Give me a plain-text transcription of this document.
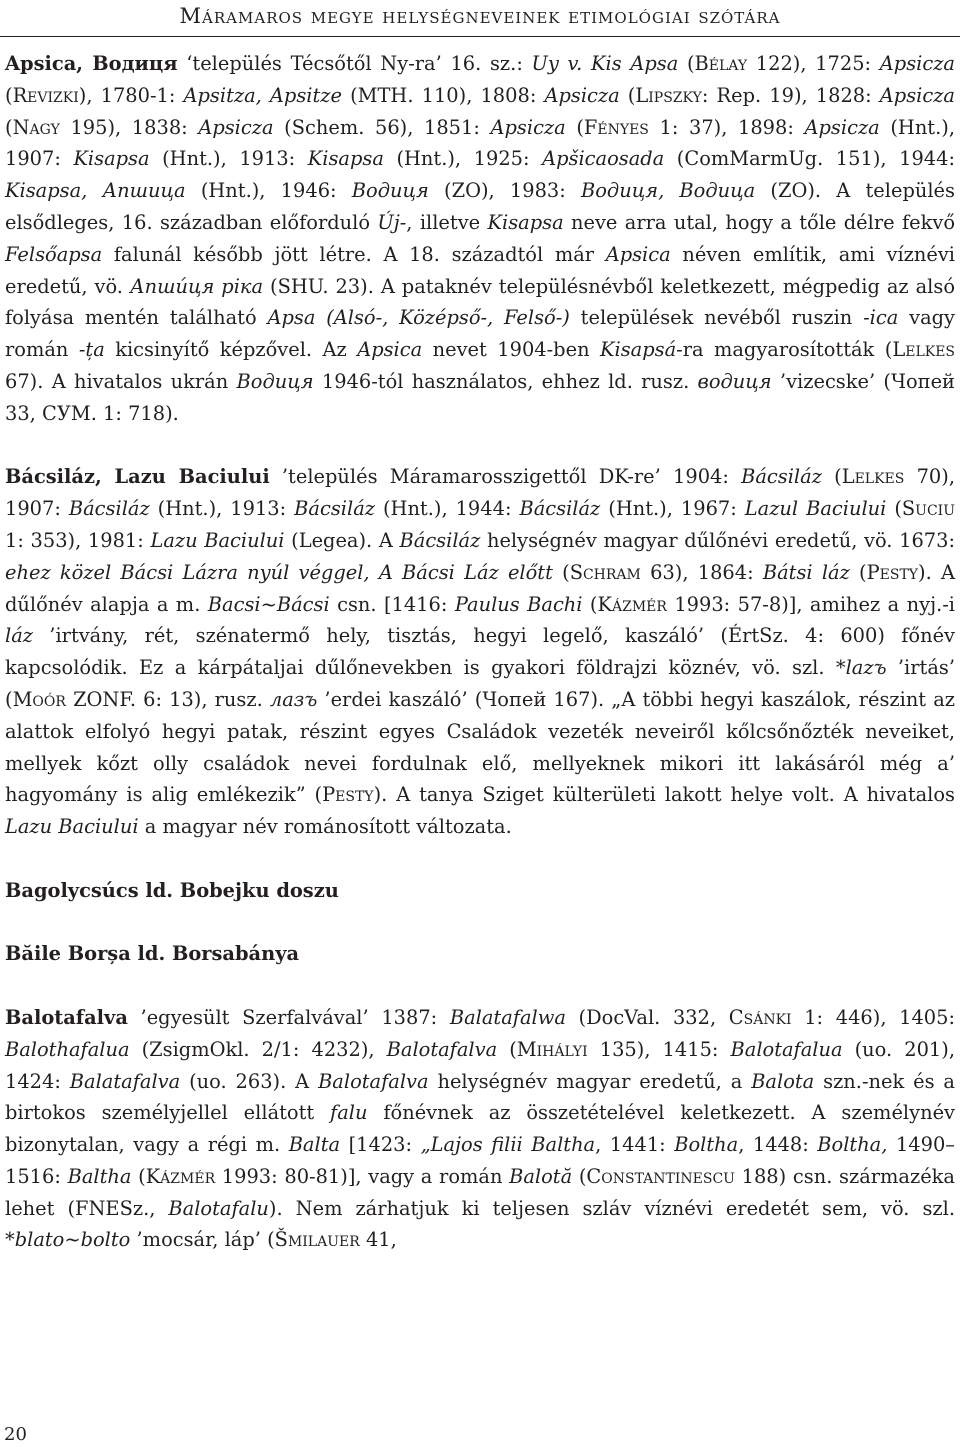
Máramaros megye helységneveinek etimológiai szótára

Apsica, Водиця ‘település Técsőtől Ny-ra’ 16. sz.: Uy v. Kis Apsa (Bélay 122), 1725: Apsicza (Revizki), 1780-1: Apsitza, Apsitze (MTH. 110), 1808: Apsicza (Lipszky: Rep. 19), 1828: Apsicza (Nagy 195), 1838: Apsicza (Schem. 56), 1851: Apsicza (Fényes 1: 37), 1898: Apsicza (Hnt.), 1907: Kisapsa (Hnt.), 1913: Kisapsa (Hnt.), 1925: Apšicaosada (ComMarmUg. 151), 1944: Kisapsa, Апшица (Hnt.), 1946: Водиця (ZO), 1983: Водиця, Водица (ZO). A település elsődleges, 16. században előforduló Új-, illetve Kisapsa neve arra utal, hogy a tőle délre fekvő Felsőapsa falunál később jött létre. A 18. századtól már Apsica néven említik, ami víznévi eredetű, vö. Апшúця ріка (SHU. 23). A pataknév településnévből keletkezett, mégpedig az alsó folyása mentén található Apsa (Alsó-, Középső-, Felső-) települések nevéből ruszin -ica vagy román -ța kicsinyítő képzővel. Az Apsica nevet 1904-ben Kisapsá-ra magyarosították (Lelkes 67). A hivatalos ukrán Водиця 1946-tól használatos, ehhez ld. rusz. водиця ’vizecske’ (Чопей 33, СУМ. 1: 718).

Bácsiláz, Lazu Baciului ’település Máramarosszigettől DK-re’ 1904: Bácsiláz (Lelkes 70), 1907: Bácsiláz (Hnt.), 1913: Bácsiláz (Hnt.), 1944: Bácsiláz (Hnt.), 1967: Lazul Baciului (Suciu 1: 353), 1981: Lazu Baciului (Legea). A Bácsiláz helységnév magyar dűlőnévi eredetű, vö. 1673: ehez közel Bácsi Lázra nyúl véggel, A Bácsi Láz előtt (Schram 63), 1864: Bátsi láz (Pesty). A dűlőnév alapja a m. Bacsi~Bácsi csn. [1416: Paulus Bachi (Kázmér 1993: 57-8)], amihez a nyj.-i láz ’irtvány, rét, szénatermő hely, tisztás, hegyi legelő, kaszáló’ (ÉrtSz. 4: 600) főnév kapcsolódik. Ez a kárpátaljai dűlőnevekben is gyakori földrajzi köznév, vö. szl. *lazъ ’irtás’ (Moór ZONF. 6: 13), rusz. лазъ ’erdei kaszáló’ (Чопей 167). „A többi hegyi kaszálok, részint az alattok elfolyó hegyi patak, részint egyes Családok vezeték neveiről kőlcsőnőzték neveiket, mellyek kőzt olly családok nevei fordulnak elő, mellyeknek mikori itt lakásáról még a’ hagyomány is alig emlékezik” (Pesty). A tanya Sziget külterületi lakott helye volt. A hivatalos Lazu Baciului a magyar név románosított változata.

Bagolycsúcs ld. Bobejku doszu

Băile Borșa ld. Borsabánya

Balotafalva ’egyesült Szerfalvával’ 1387: Balatafalwa (DocVal. 332, Csánki 1: 446), 1405: Balothafalua (ZsigmOkl. 2/1: 4232), Balotafalva (Mihályi 135), 1415: Balotafalua (uo. 201), 1424: Balatafalva (uo. 263). A Balotafalva helységnév magyar eredetű, a Balota szn.-nek és a birtokos személyjellel ellátott falu főnévnek az összetételével keletkezett. A személynév bizonytalan, vagy a régi m. Balta [1423: „Lajos filii Baltha, 1441: Boltha, 1448: Boltha, 1490–1516: Baltha (Kázmér 1993: 80-81)], vagy a román Balotă (Constantinescu 188) csn. származéka lehet (FNESz., Balotafalu). Nem zárhatjuk ki teljesen szláv víznévi eredetét sem, vö. szl. *blato~bolto ’mocsár, láp’ (Šmilauer 41,

20
